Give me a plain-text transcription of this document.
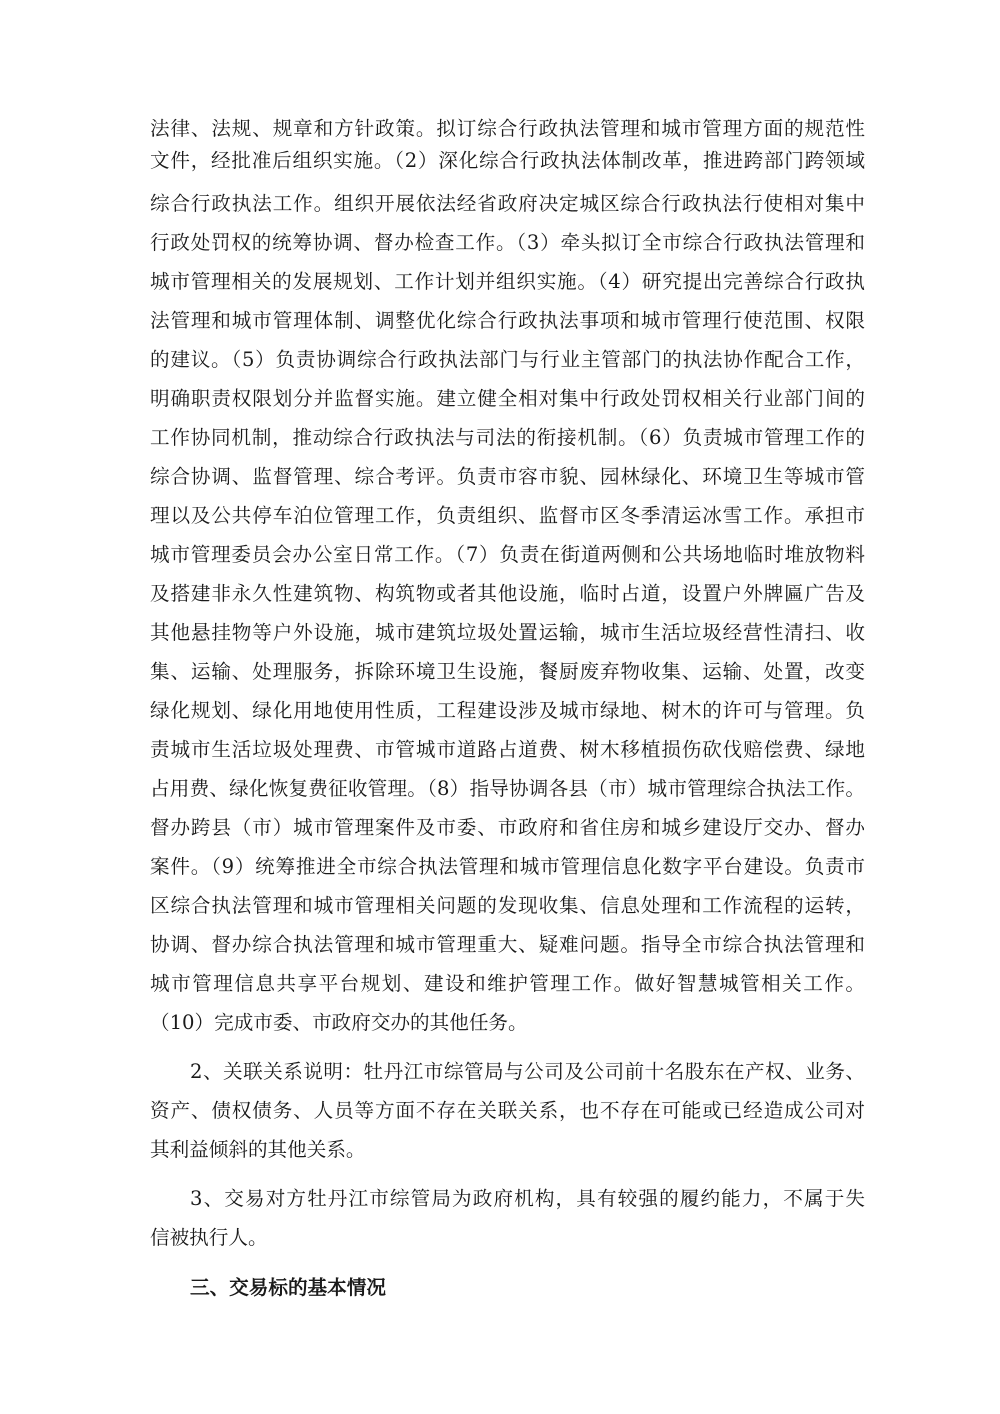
法律、法规、规章和方针政策。拟订综合行政执法管理和城市管理方面的规范性
文件，经批准后组织实施。（2）深化综合行政执法体制改革，推进跨部门跨领域
综合行政执法工作。组织开展依法经省政府决定城区综合行政执法行使相对集中
行政处罚权的统筹协调、督办检查工作。（3）牵头拟订全市综合行政执法管理和
城市管理相关的发展规划、工作计划并组织实施。（4）研究提出完善综合行政执
法管理和城市管理体制、调整优化综合行政执法事项和城市管理行使范围、权限
的建议。（5）负责协调综合行政执法部门与行业主管部门的执法协作配合工作，
明确职责权限划分并监督实施。建立健全相对集中行政处罚权相关行业部门间的
工作协同机制，推动综合行政执法与司法的衔接机制。（6）负责城市管理工作的
综合协调、监督管理、综合考评。负责市容市貌、园林绿化、环境卫生等城市管
理以及公共停车泊位管理工作，负责组织、监督市区冬季清运冰雪工作。承担市
城市管理委员会办公室日常工作。（7）负责在街道两侧和公共场地临时堆放物料
及搭建非永久性建筑物、构筑物或者其他设施，临时占道，设置户外牌匾广告及
其他悬挂物等户外设施，城市建筑垃圾处置运输，城市生活垃圾经营性清扫、收
集、运输、处理服务，拆除环境卫生设施，餐厨废弃物收集、运输、处置，改变
绿化规划、绿化用地使用性质，工程建设涉及城市绿地、树木的许可与管理。负
责城市生活垃圾处理费、市管城市道路占道费、树木移植损伤砍伐赔偿费、绿地
占用费、绿化恢复费征收管理。（8）指导协调各县（市）城市管理综合执法工作。
督办跨县（市）城市管理案件及市委、市政府和省住房和城乡建设厅交办、督办
案件。（9）统筹推进全市综合执法管理和城市管理信息化数字平台建设。负责市
区综合执法管理和城市管理相关问题的发现收集、信息处理和工作流程的运转，
协调、督办综合执法管理和城市管理重大、疑难问题。指导全市综合执法管理和
城市管理信息共享平台规划、建设和维护管理工作。做好智慧城管相关工作。
（10）完成市委、市政府交办的其他任务。
2、关联关系说明：牡丹江市综管局与公司及公司前十名股东在产权、业务、
资产、债权债务、人员等方面不存在关联关系，也不存在可能或已经造成公司对
其利益倾斜的其他关系。
3、交易对方牡丹江市综管局为政府机构，具有较强的履约能力，不属于失
信被执行人。
三、交易标的基本情况
